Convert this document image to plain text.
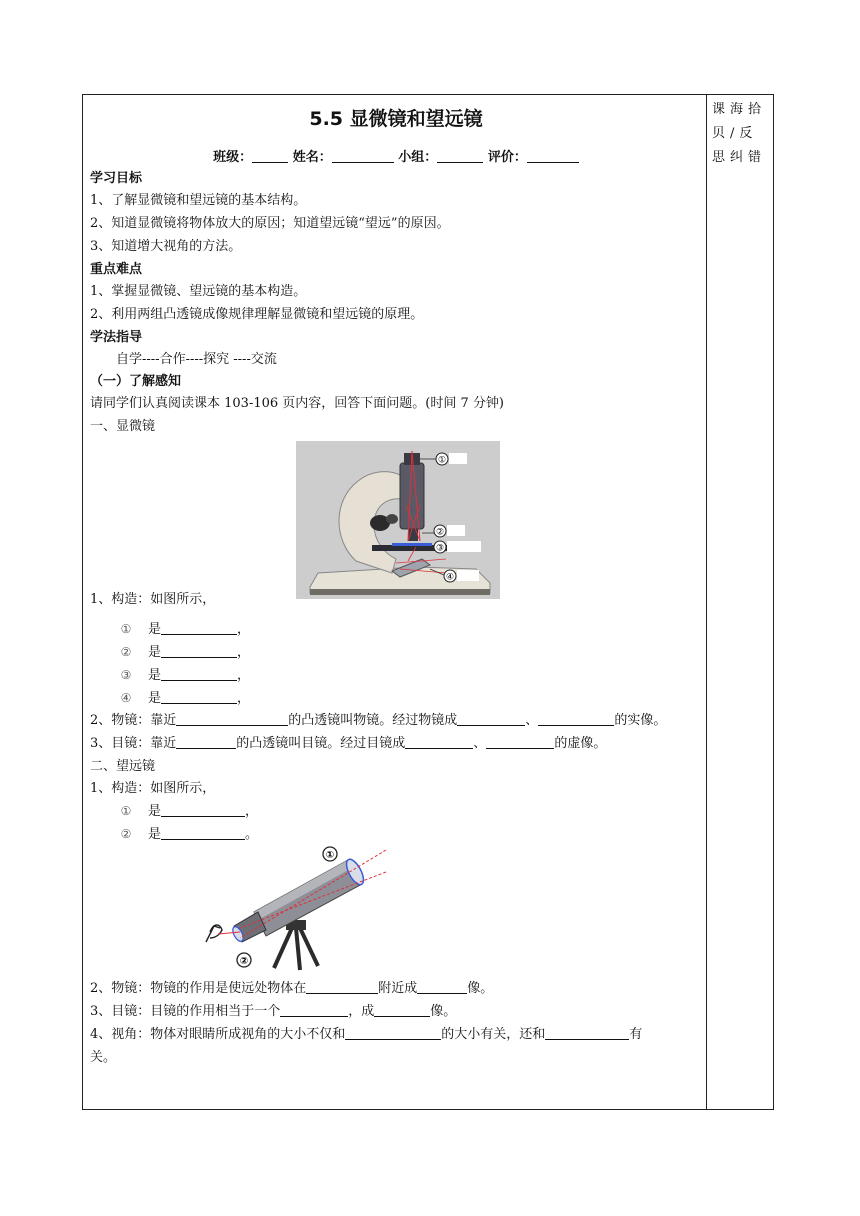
课海拾贝/反思纠错
5.5 显微镜和望远镜
班级：	姓名：	小组：	评价：
学习目标
1、了解显微镜和望远镜的基本结构。
2、知道显微镜将物体放大的原因；知道望远镜“望远”的原因。
3、知道增大视角的方法。
重点难点
1、掌握显微镜、望远镜的基本构造。
2、利用两组凸透镜成像规律理解显微镜和望远镜的原理。
学法指导
自学----合作----探究 ----交流
（一）了解感知
请同学们认真阅读课本 103-106 页内容，回答下面问题。(时间 7 分钟)
一、显微镜
①
②
③
④
1、构造：如图所示，
① 是	，
② 是	，
③ 是	，
④ 是	，
2、物镜：靠近	的凸透镜叫物镜。经过物镜成	、	的实像。
3、目镜：靠近	的凸透镜叫目镜。经过目镜成	、	的虚像。
二、望远镜
1、构造：如图所示，
① 是	，
② 是	。
①
②
2、物镜：物镜的作用是使远处物体在	附近成	像。
3、目镜：目镜的作用相当于一个	，成	像。
4、视角：物体对眼睛所成视角的大小不仅和	的大小有关，还和	有
关。
